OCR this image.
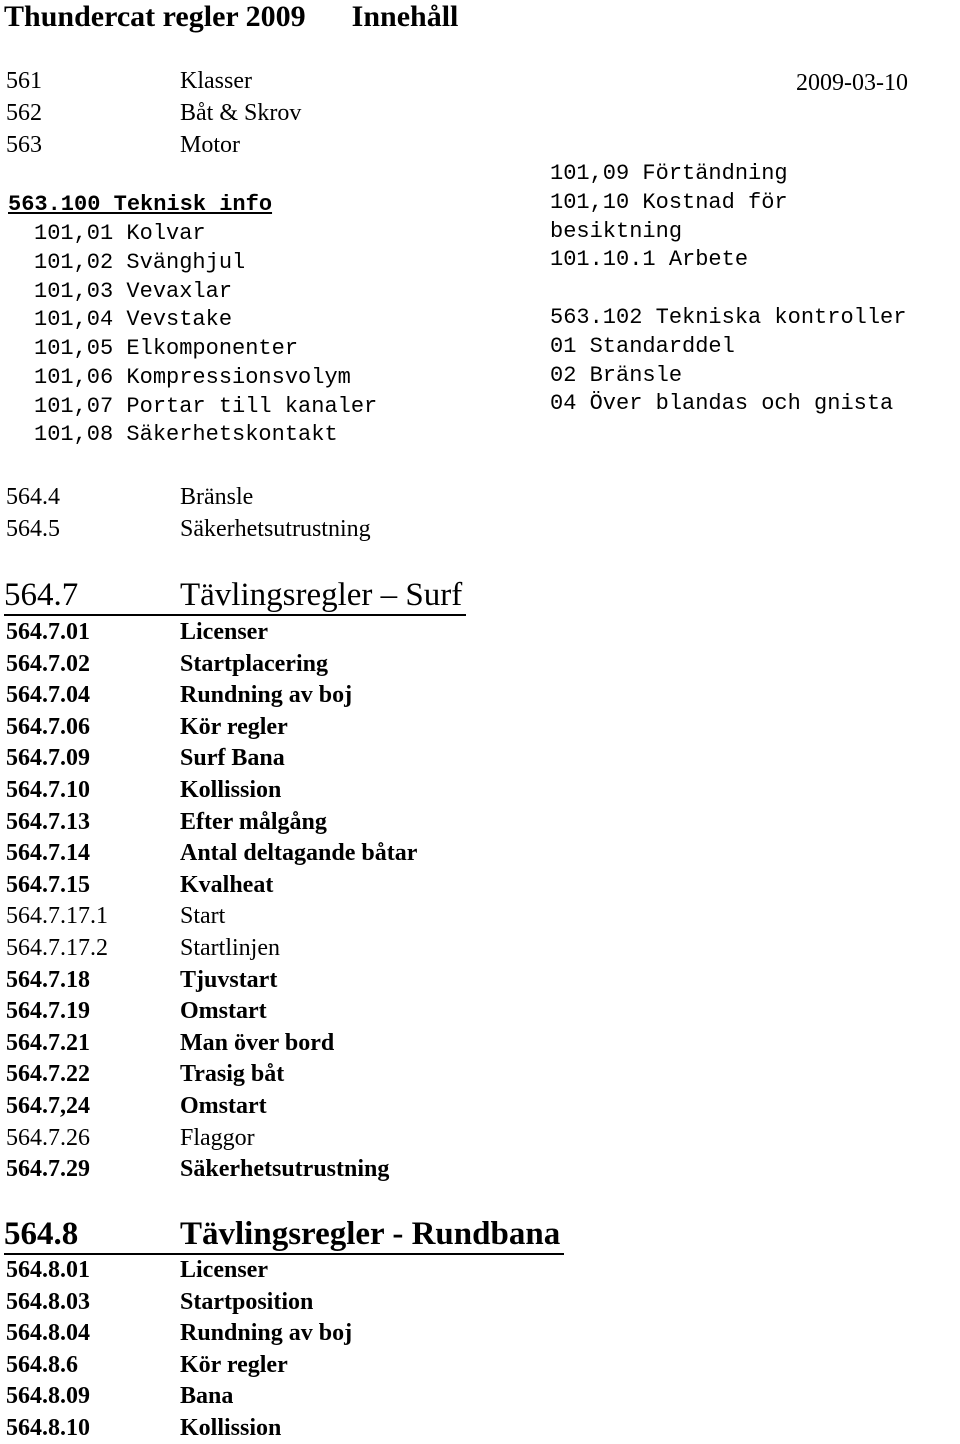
Thundercat regler 2009 Innehåll
561	Klasser	2009-03-10
562	Båt & Skrov
563	Motor
563.100 Teknisk info
101,01 Kolvar
101,02 Svänghjul
101,03 Vevaxlar
101,04 Vevstake
101,05 Elkomponenter
101,06 Kompressionsvolym
101,07 Portar till kanaler
101,08 Säkerhetskontakt
101,09 Förtändning
101,10 Kostnad för
besiktning
101.10.1 Arbete
563.102 Tekniska kontroller
01 Standarddel
02 Bränsle
04 Över blandas och gnista
564.4	Bränsle
564.5	Säkerhetsutrustning
564.7	Tävlingsregler – Surf
564.7.01	Licenser
564.7.02	Startplacering
564.7.04	Rundning av boj
564.7.06	Kör regler
564.7.09	Surf Bana
564.7.10	Kollission
564.7.13	Efter målgång
564.7.14	Antal deltagande båtar
564.7.15	Kvalheat
564.7.17.1	Start
564.7.17.2	Startlinjen
564.7.18	Tjuvstart
564.7.19	Omstart
564.7.21	Man över bord
564.7.22	Trasig båt
564.7,24	Omstart
564.7.26	Flaggor
564.7.29	Säkerhetsutrustning
564.8	Tävlingsregler - Rundbana
564.8.01	Licenser
564.8.03	Startposition
564.8.04	Rundning av boj
564.8.6	Kör regler
564.8.09	Bana
564.8.10	Kollission
